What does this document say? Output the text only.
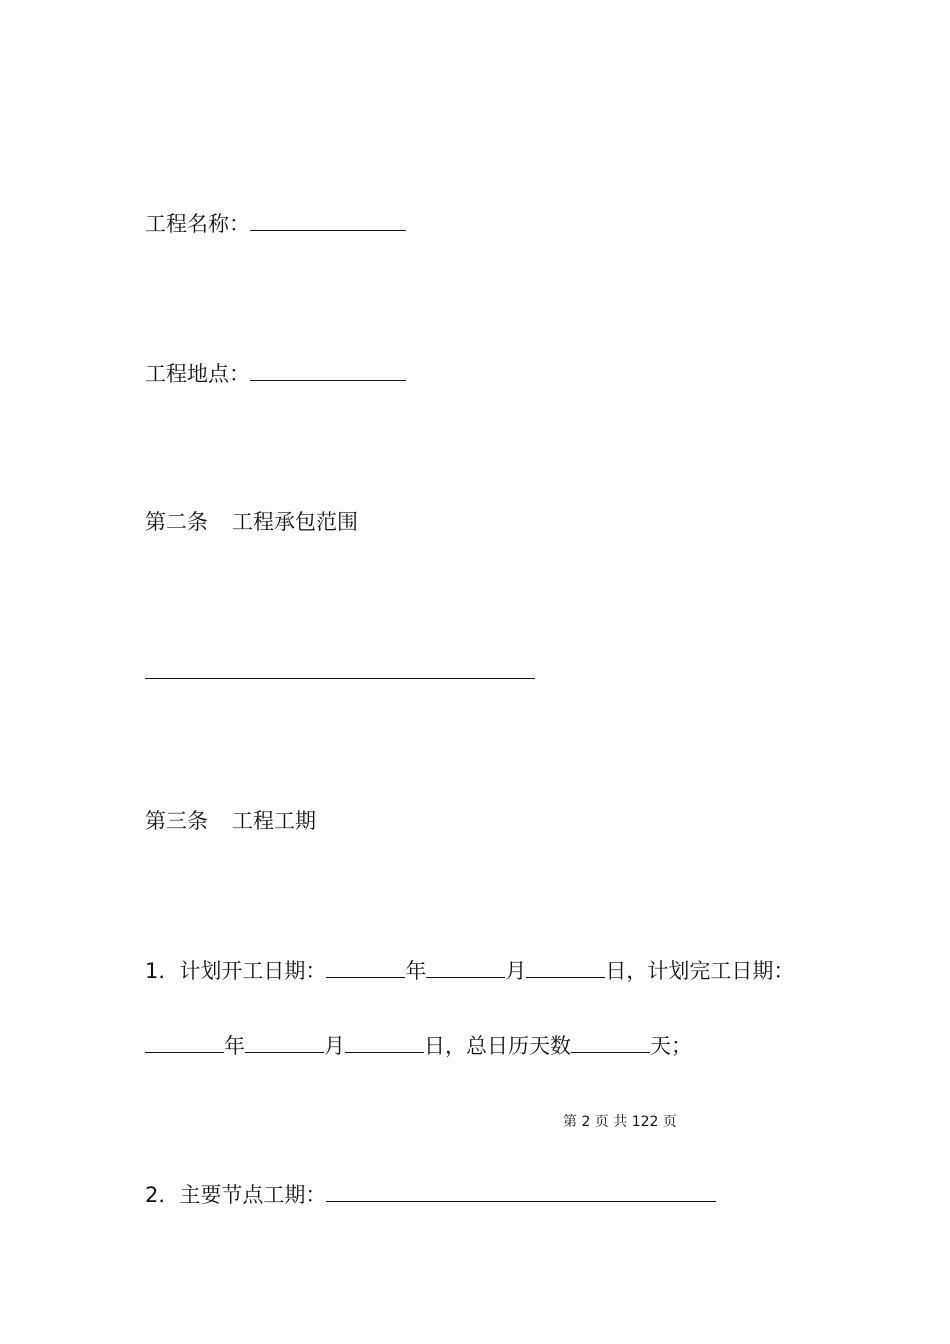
工程名称：
工程地点：
第二条 工程承包范围
第三条 工程工期
1．计划开工日期：	年	月	日，计划完工日期：
年	月	日，总日历天数	天；
第 2 页 共 122 页
2．主要节点工期：
